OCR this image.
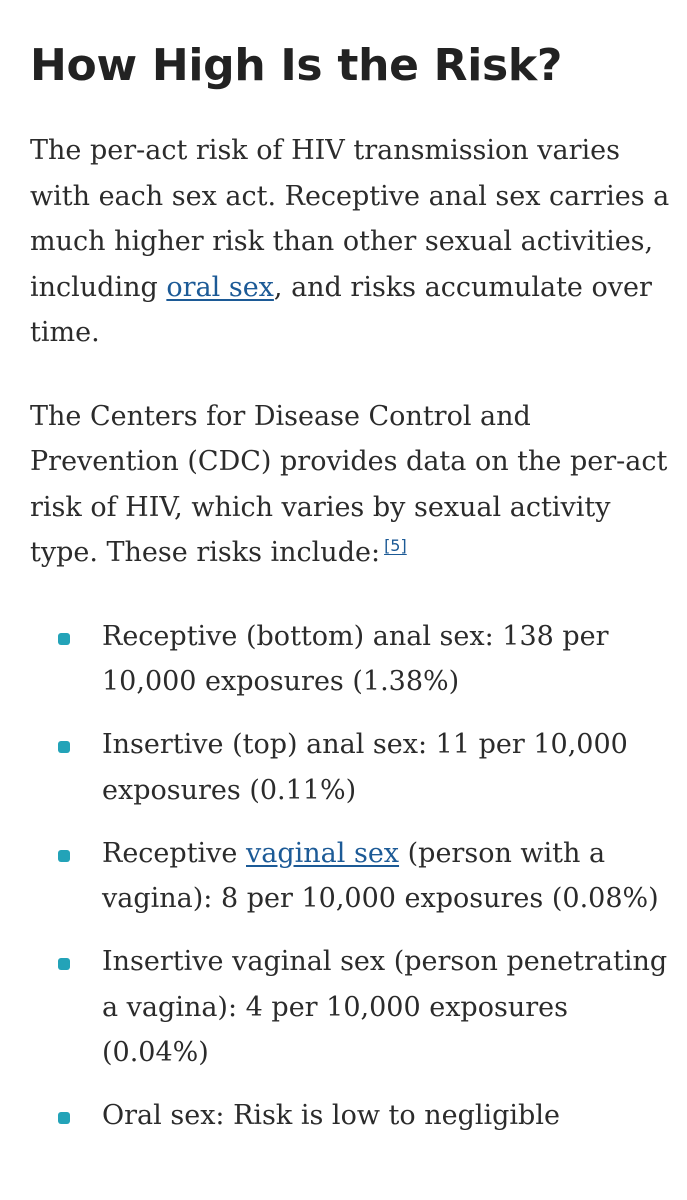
How High Is the Risk?

The per-act risk of HIV transmission varies with each sex act. Receptive anal sex carries a much higher risk than other sexual activities, including oral sex, and risks accumulate over time.

The Centers for Disease Control and Prevention (CDC) provides data on the per-act risk of HIV, which varies by sexual activity type. These risks include: [5]

Receptive (bottom) anal sex: 138 per 10,000 exposures (1.38%)
Insertive (top) anal sex: 11 per 10,000 exposures (0.11%)
Receptive vaginal sex (person with a vagina): 8 per 10,000 exposures (0.08%)
Insertive vaginal sex (person penetrating a vagina): 4 per 10,000 exposures (0.04%)
Oral sex: Risk is low to negligible
